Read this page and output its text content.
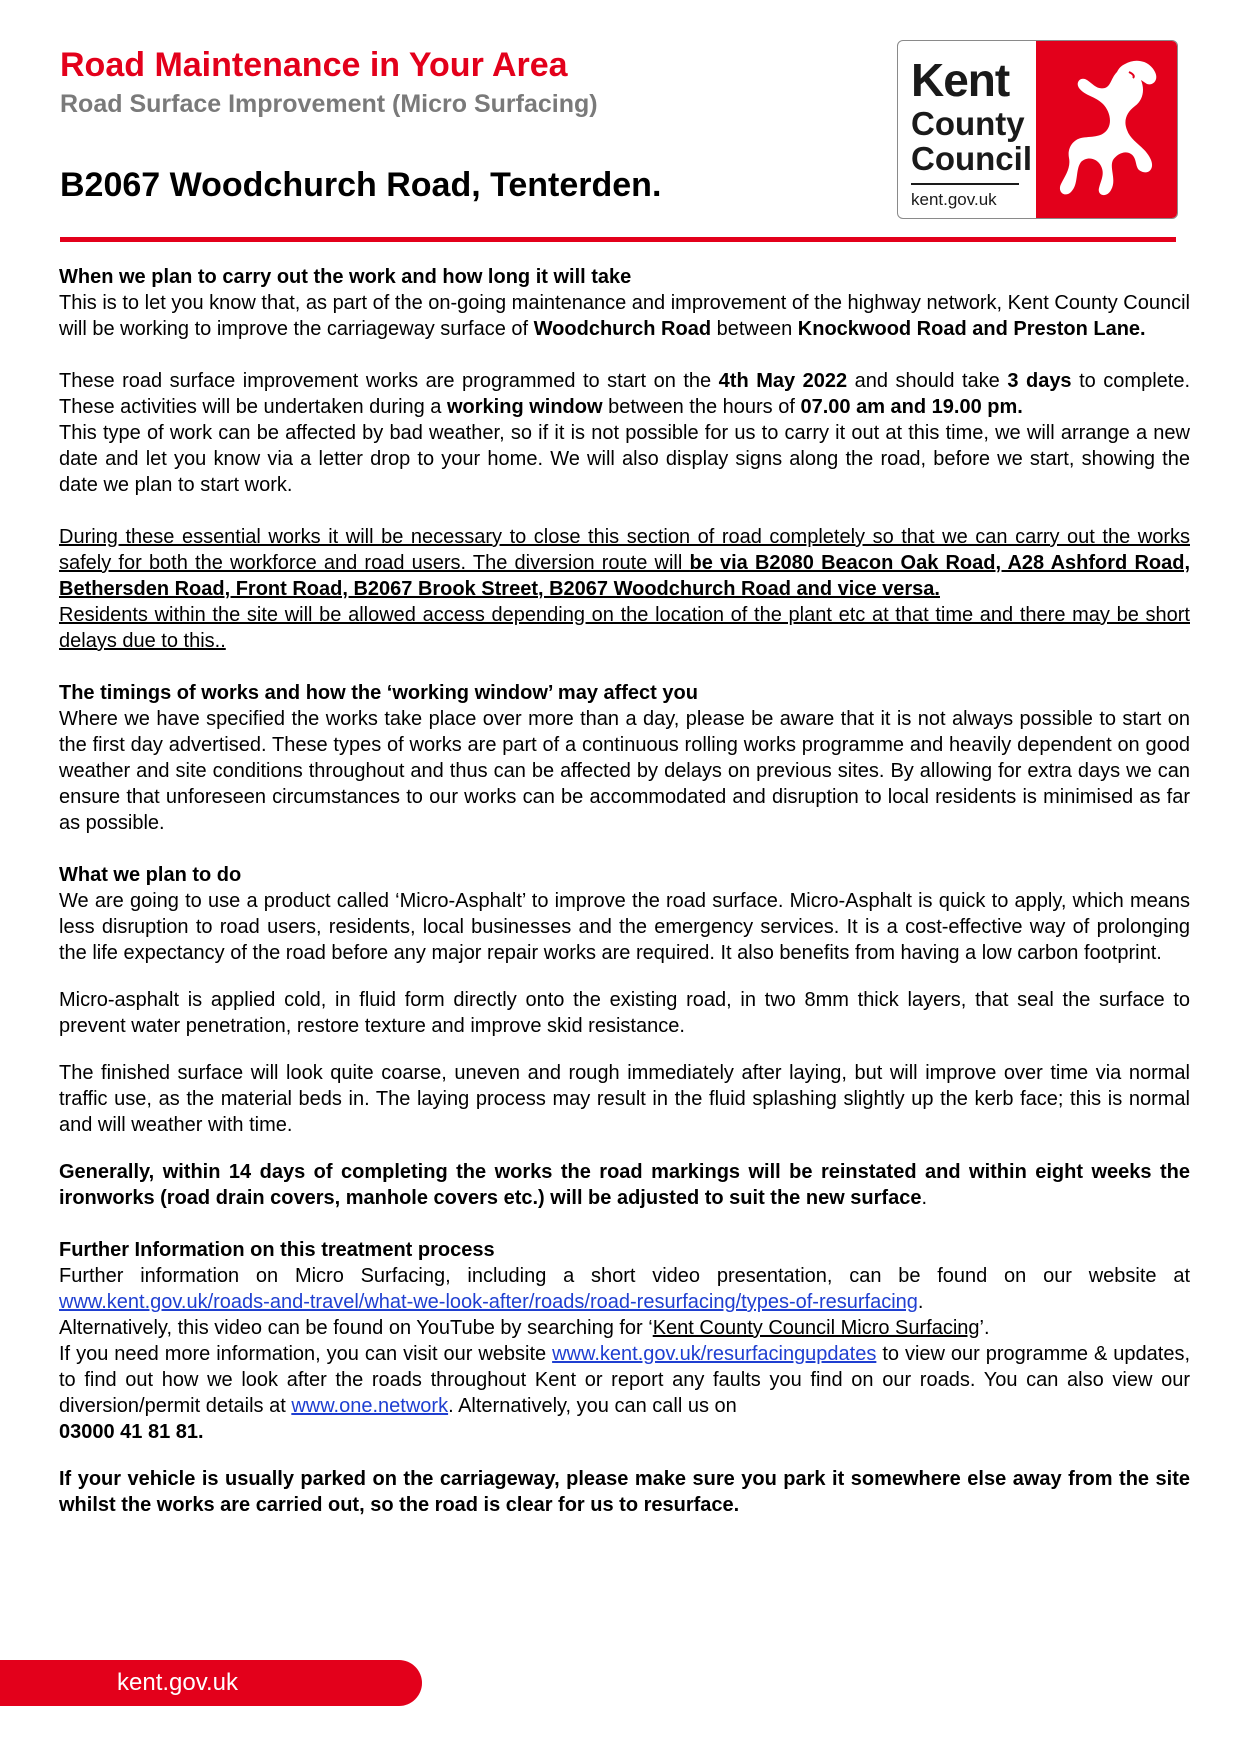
Road Maintenance in Your Area
Road Surface Improvement (Micro Surfacing)
B2067 Woodchurch Road, Tenterden.
Kent
County
Council
kent.gov.uk

When we plan to carry out the work and how long it will take

This is to let you know that, as part of the on-going maintenance and improvement of the highway network, Kent County Council will be working to improve the carriageway surface of Woodchurch Road between Knockwood Road and Preston Lane.

These road surface improvement works are programmed to start on the 4th May 2022 and should take 3 days to complete. These activities will be undertaken during a working window between the hours of 07.00 am and 19.00 pm.

This type of work can be affected by bad weather, so if it is not possible for us to carry it out at this time, we will arrange a new date and let you know via a letter drop to your home. We will also display signs along the road, before we start, showing the date we plan to start work.

During these essential works it will be necessary to close this section of road completely so that we can carry out the works safely for both the workforce and road users. The diversion route will be via B2080 Beacon Oak Road, A28 Ashford Road, Bethersden Road, Front Road, B2067 Brook Street, B2067 Woodchurch Road and vice versa.

Residents within the site will be allowed access depending on the location of the plant etc at that time and there may be short delays due to this..

The timings of works and how the ‘working window’ may affect you

Where we have specified the works take place over more than a day, please be aware that it is not always possible to start on the first day advertised. These types of works are part of a continuous rolling works programme and heavily dependent on good weather and site conditions throughout and thus can be affected by delays on previous sites. By allowing for extra days we can ensure that unforeseen circumstances to our works can be accommodated and disruption to local residents is minimised as far as possible.

What we plan to do

We are going to use a product called ‘Micro-Asphalt’ to improve the road surface. Micro-Asphalt is quick to apply, which means less disruption to road users, residents, local businesses and the emergency services. It is a cost-effective way of prolonging the life expectancy of the road before any major repair works are required. It also benefits from having a low carbon footprint.

Micro-asphalt is applied cold, in fluid form directly onto the existing road, in two 8mm thick layers, that seal the surface to prevent water penetration, restore texture and improve skid resistance.

The finished surface will look quite coarse, uneven and rough immediately after laying, but will improve over time via normal traffic use, as the material beds in. The laying process may result in the fluid splashing slightly up the kerb face; this is normal and will weather with time.

Generally, within 14 days of completing the works the road markings will be reinstated and within eight weeks the ironworks (road drain covers, manhole covers etc.) will be adjusted to suit the new surface.

Further Information on this treatment process

Further information on Micro Surfacing, including a short video presentation, can be found on our website at www.kent.gov.uk/roads-and-travel/what-we-look-after/roads/road-resurfacing/types-of-resurfacing.

Alternatively, this video can be found on YouTube by searching for ‘Kent County Council Micro Surfacing’.

If you need more information, you can visit our website www.kent.gov.uk/resurfacingupdates to view our programme & updates, to find out how we look after the roads throughout Kent or report any faults you find on our roads. You can also view our diversion/permit details at www.one.network. Alternatively, you can call us on
03000 41 81 81.

If your vehicle is usually parked on the carriageway, please make sure you park it somewhere else away from the site whilst the works are carried out, so the road is clear for us to resurface.

kent.gov.uk
